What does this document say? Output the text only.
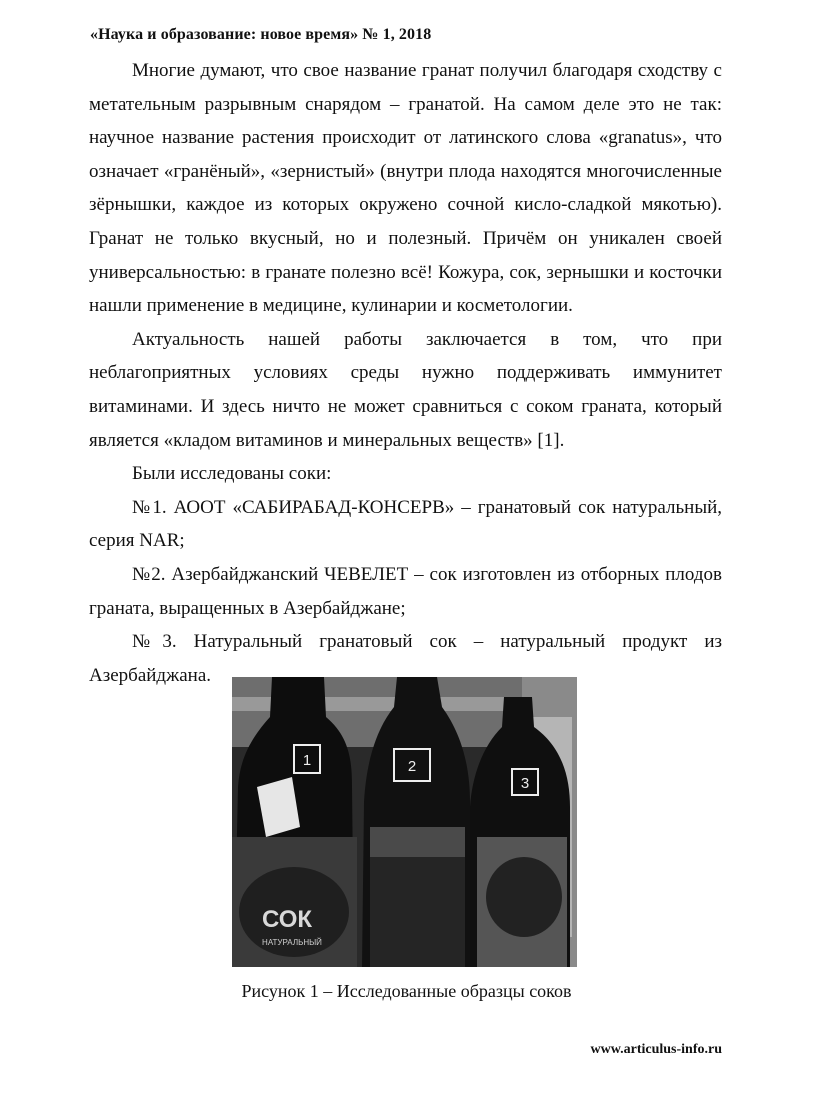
«Наука и образование: новое время» № 1, 2018

Многие думают, что свое название гранат получил благодаря сходству с метательным разрывным снарядом – гранатой. На самом деле это не так: научное название растения происходит от латинского слова «granatus», что означает «гранёный», «зернистый» (внутри плода находятся многочисленные зёрнышки, каждое из которых окружено сочной кисло-сладкой мякотью). Гранат не только вкусный, но и полезный. Причём он уникален своей универсальностью: в гранате полезно всё! Кожура, сок, зернышки и косточки нашли применение в медицине, кулинарии и косметологии.

Актуальность нашей работы заключается в том, что при неблагоприятных условиях среды нужно поддерживать иммунитет витаминами. И здесь ничто не может сравниться с соком граната, который является «кладом витаминов и минеральных веществ» [1].

Были исследованы соки:

№1. АООТ «САБИРАБАД-КОНСЕРВ» – гранатовый сок натуральный, серия NAR;

№2. Азербайджанский ЧЕВЕЛЕТ – сок изготовлен из отборных плодов граната, выращенных в Азербайджане;

№3. Натуральный гранатовый сок – натуральный продукт из Азербайджана.

1
СОК
НАТУРАЛЬНЫЙ
2
3
Рисунок 1 – Исследованные образцы соков
www.articulus-info.ru
